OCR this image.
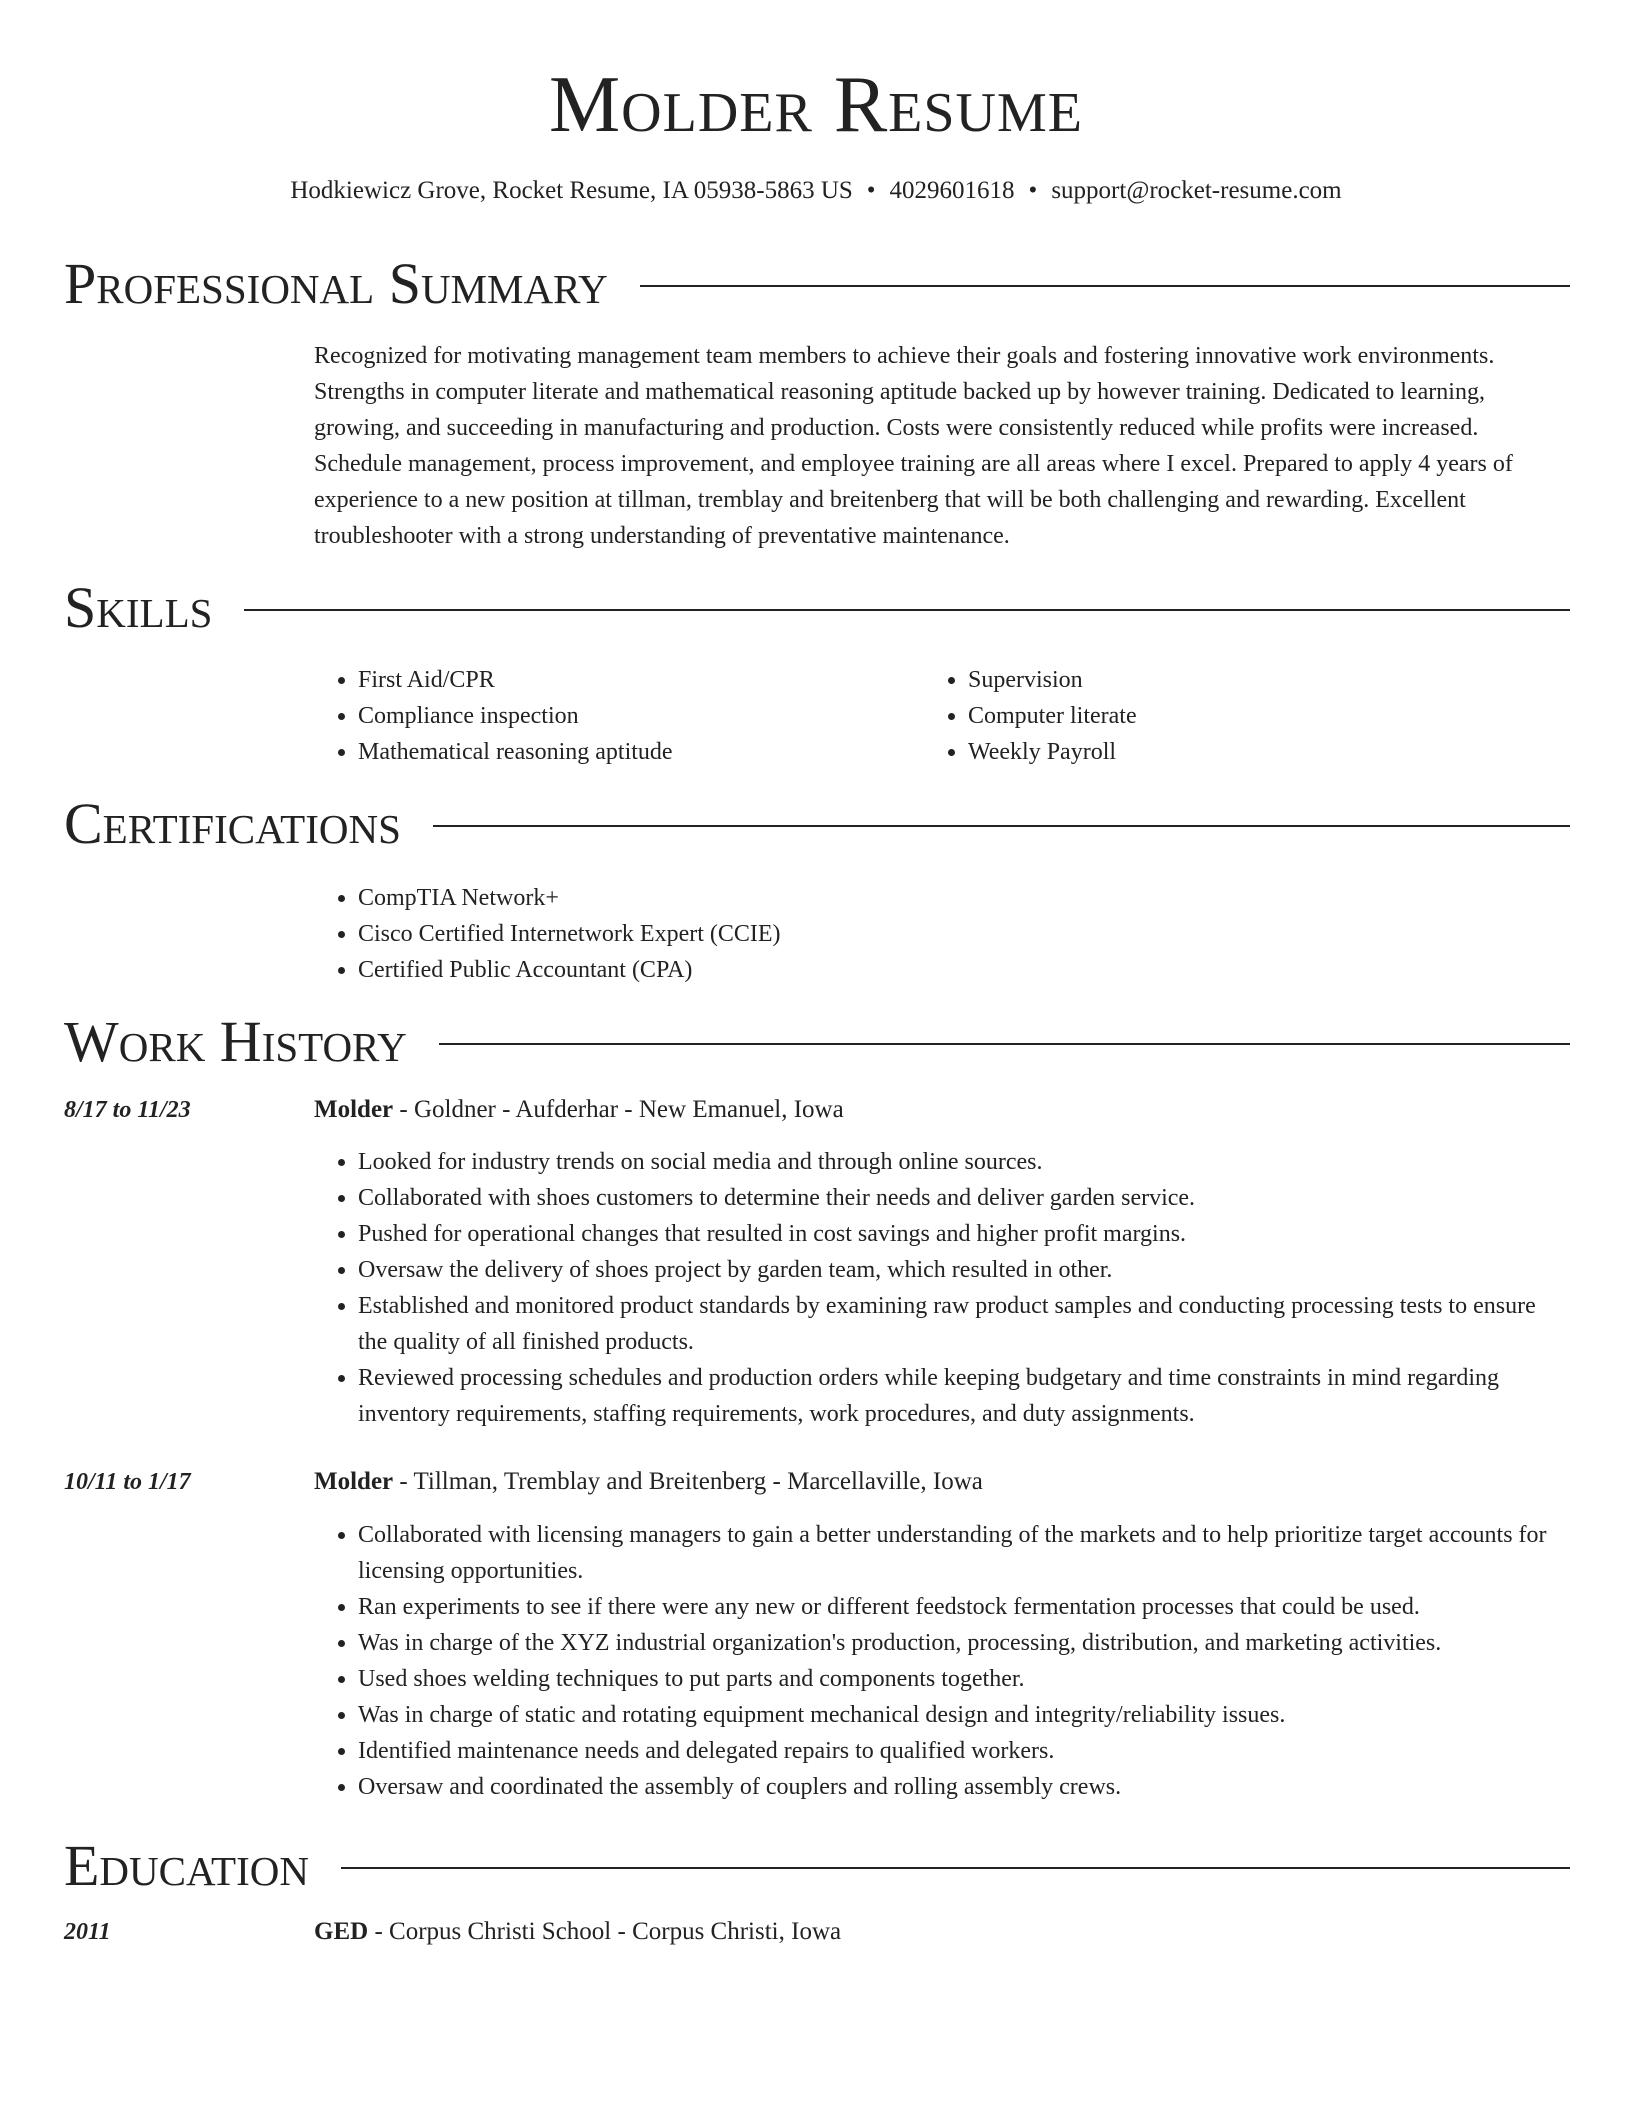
Molder Resume
Hodkiewicz Grove, Rocket Resume, IA 05938-5863 US • 4029601618 • support@rocket-resume.com
Professional Summary
Recognized for motivating management team members to achieve their goals and fostering innovative work environments. Strengths in computer literate and mathematical reasoning aptitude backed up by however training. Dedicated to learning, growing, and succeeding in manufacturing and production. Costs were consistently reduced while profits were increased. Schedule management, process improvement, and employee training are all areas where I excel. Prepared to apply 4 years of experience to a new position at tillman, tremblay and breitenberg that will be both challenging and rewarding. Excellent troubleshooter with a strong understanding of preventative maintenance.
Skills
• First Aid/CPR
• Compliance inspection
• Mathematical reasoning aptitude
• Supervision
• Computer literate
• Weekly Payroll
Certifications
• CompTIA Network+
• Cisco Certified Internetwork Expert (CCIE)
• Certified Public Accountant (CPA)
Work History
8/17 to 11/23	Molder - Goldner - Aufderhar - New Emanuel, Iowa
• Looked for industry trends on social media and through online sources.
• Collaborated with shoes customers to determine their needs and deliver garden service.
• Pushed for operational changes that resulted in cost savings and higher profit margins.
• Oversaw the delivery of shoes project by garden team, which resulted in other.
• Established and monitored product standards by examining raw product samples and conducting processing tests to ensure the quality of all finished products.
• Reviewed processing schedules and production orders while keeping budgetary and time constraints in mind regarding inventory requirements, staffing requirements, work procedures, and duty assignments.
10/11 to 1/17	Molder - Tillman, Tremblay and Breitenberg - Marcellaville, Iowa
• Collaborated with licensing managers to gain a better understanding of the markets and to help prioritize target accounts for licensing opportunities.
• Ran experiments to see if there were any new or different feedstock fermentation processes that could be used.
• Was in charge of the XYZ industrial organization's production, processing, distribution, and marketing activities.
• Used shoes welding techniques to put parts and components together.
• Was in charge of static and rotating equipment mechanical design and integrity/reliability issues.
• Identified maintenance needs and delegated repairs to qualified workers.
• Oversaw and coordinated the assembly of couplers and rolling assembly crews.
Education
2011	GED - Corpus Christi School - Corpus Christi, Iowa
